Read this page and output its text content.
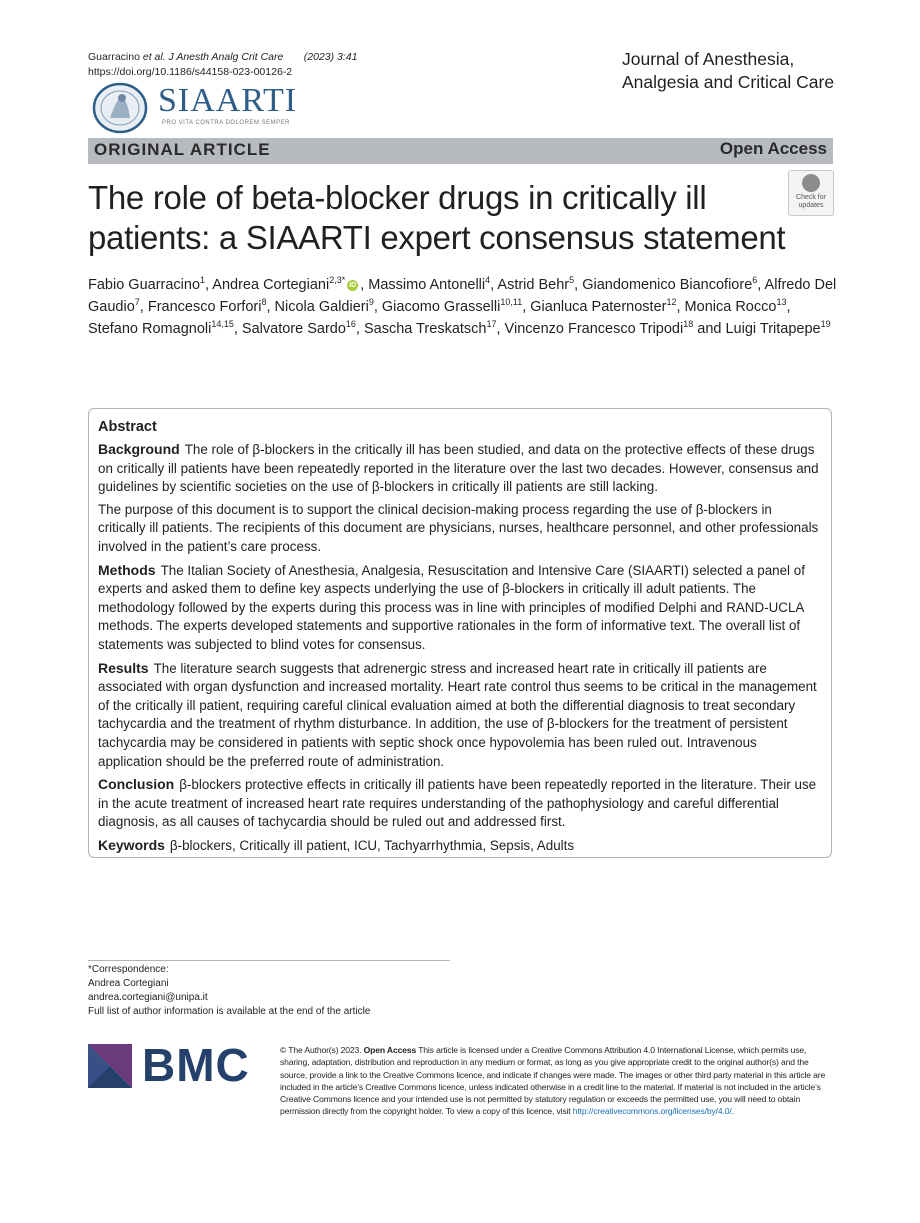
Guarracino et al. J Anesth Analg Crit Care (2023) 3:41
https://doi.org/10.1186/s44158-023-00126-2
Journal of Anesthesia,
Analgesia and Critical Care
SIAARTI
PRO VITA CONTRA DOLOREM SEMPER
ORIGINAL ARTICLE	Open Access
The role of beta-blocker drugs in critically ill patients: a SIAARTI expert consensus statement
Check for
updates
Fabio Guarracino$^1$, Andrea Cortegiani$^{2,3*}$ iD , Massimo Antonelli$^4$, Astrid Behr$^5$, Giandomenico Biancofiore$^6$, Alfredo Del Gaudio$^7$, Francesco Forfori$^8$, Nicola Galdieri$^9$, Giacomo Grasselli$^{10,11}$, Gianluca Paternoster$^{12}$, Monica Rocco$^{13}$, Stefano Romagnoli$^{14,15}$, Salvatore Sardo$^{16}$, Sascha Treskatsch$^{17}$, Vincenzo Francesco Tripodi$^{18}$ and Luigi Tritapepe$^{19}$
Abstract

Background The role of β-blockers in the critically ill has been studied, and data on the protective effects of these drugs on critically ill patients have been repeatedly reported in the literature over the last two decades. However, consensus and guidelines by scientific societies on the use of β-blockers in critically ill patients are still lacking.

The purpose of this document is to support the clinical decision-making process regarding the use of β-blockers in critically ill patients. The recipients of this document are physicians, nurses, healthcare personnel, and other professionals involved in the patient’s care process.

Methods The Italian Society of Anesthesia, Analgesia, Resuscitation and Intensive Care (SIAARTI) selected a panel of experts and asked them to define key aspects underlying the use of β-blockers in critically ill adult patients. The methodology followed by the experts during this process was in line with principles of modified Delphi and RAND-UCLA methods. The experts developed statements and supportive rationales in the form of informative text. The overall list of statements was subjected to blind votes for consensus.

Results The literature search suggests that adrenergic stress and increased heart rate in critically ill patients are associated with organ dysfunction and increased mortality. Heart rate control thus seems to be critical in the management of the critically ill patient, requiring careful clinical evaluation aimed at both the differential diagnosis to treat secondary tachycardia and the treatment of rhythm disturbance. In addition, the use of β-blockers for the treatment of persistent tachycardia may be considered in patients with septic shock once hypovolemia has been ruled out. Intravenous application should be the preferred route of administration.

Conclusion β-blockers protective effects in critically ill patients have been repeatedly reported in the literature. Their use in the acute treatment of increased heart rate requires understanding of the pathophysiology and careful differential diagnosis, as all causes of tachycardia should be ruled out and addressed first.

Keywords β-blockers, Critically ill patient, ICU, Tachyarrhythmia, Sepsis, Adults

*Correspondence:
Andrea Cortegiani
andrea.cortegiani@unipa.it
Full list of author information is available at the end of the article
BMC	© The Author(s) 2023. Open Access This article is licensed under a Creative Commons Attribution 4.0 International License, which permits use, sharing, adaptation, distribution and reproduction in any medium or format, as long as you give appropriate credit to the original author(s) and the source, provide a link to the Creative Commons licence, and indicate if changes were made. The images or other third party material in this article are included in the article’s Creative Commons licence, unless indicated otherwise in a credit line to the material. If material is not included in the article’s Creative Commons licence and your intended use is not permitted by statutory regulation or exceeds the permitted use, you will need to obtain permission directly from the copyright holder. To view a copy of this licence, visit http://creativecommons.org/licenses/by/4.0/.
